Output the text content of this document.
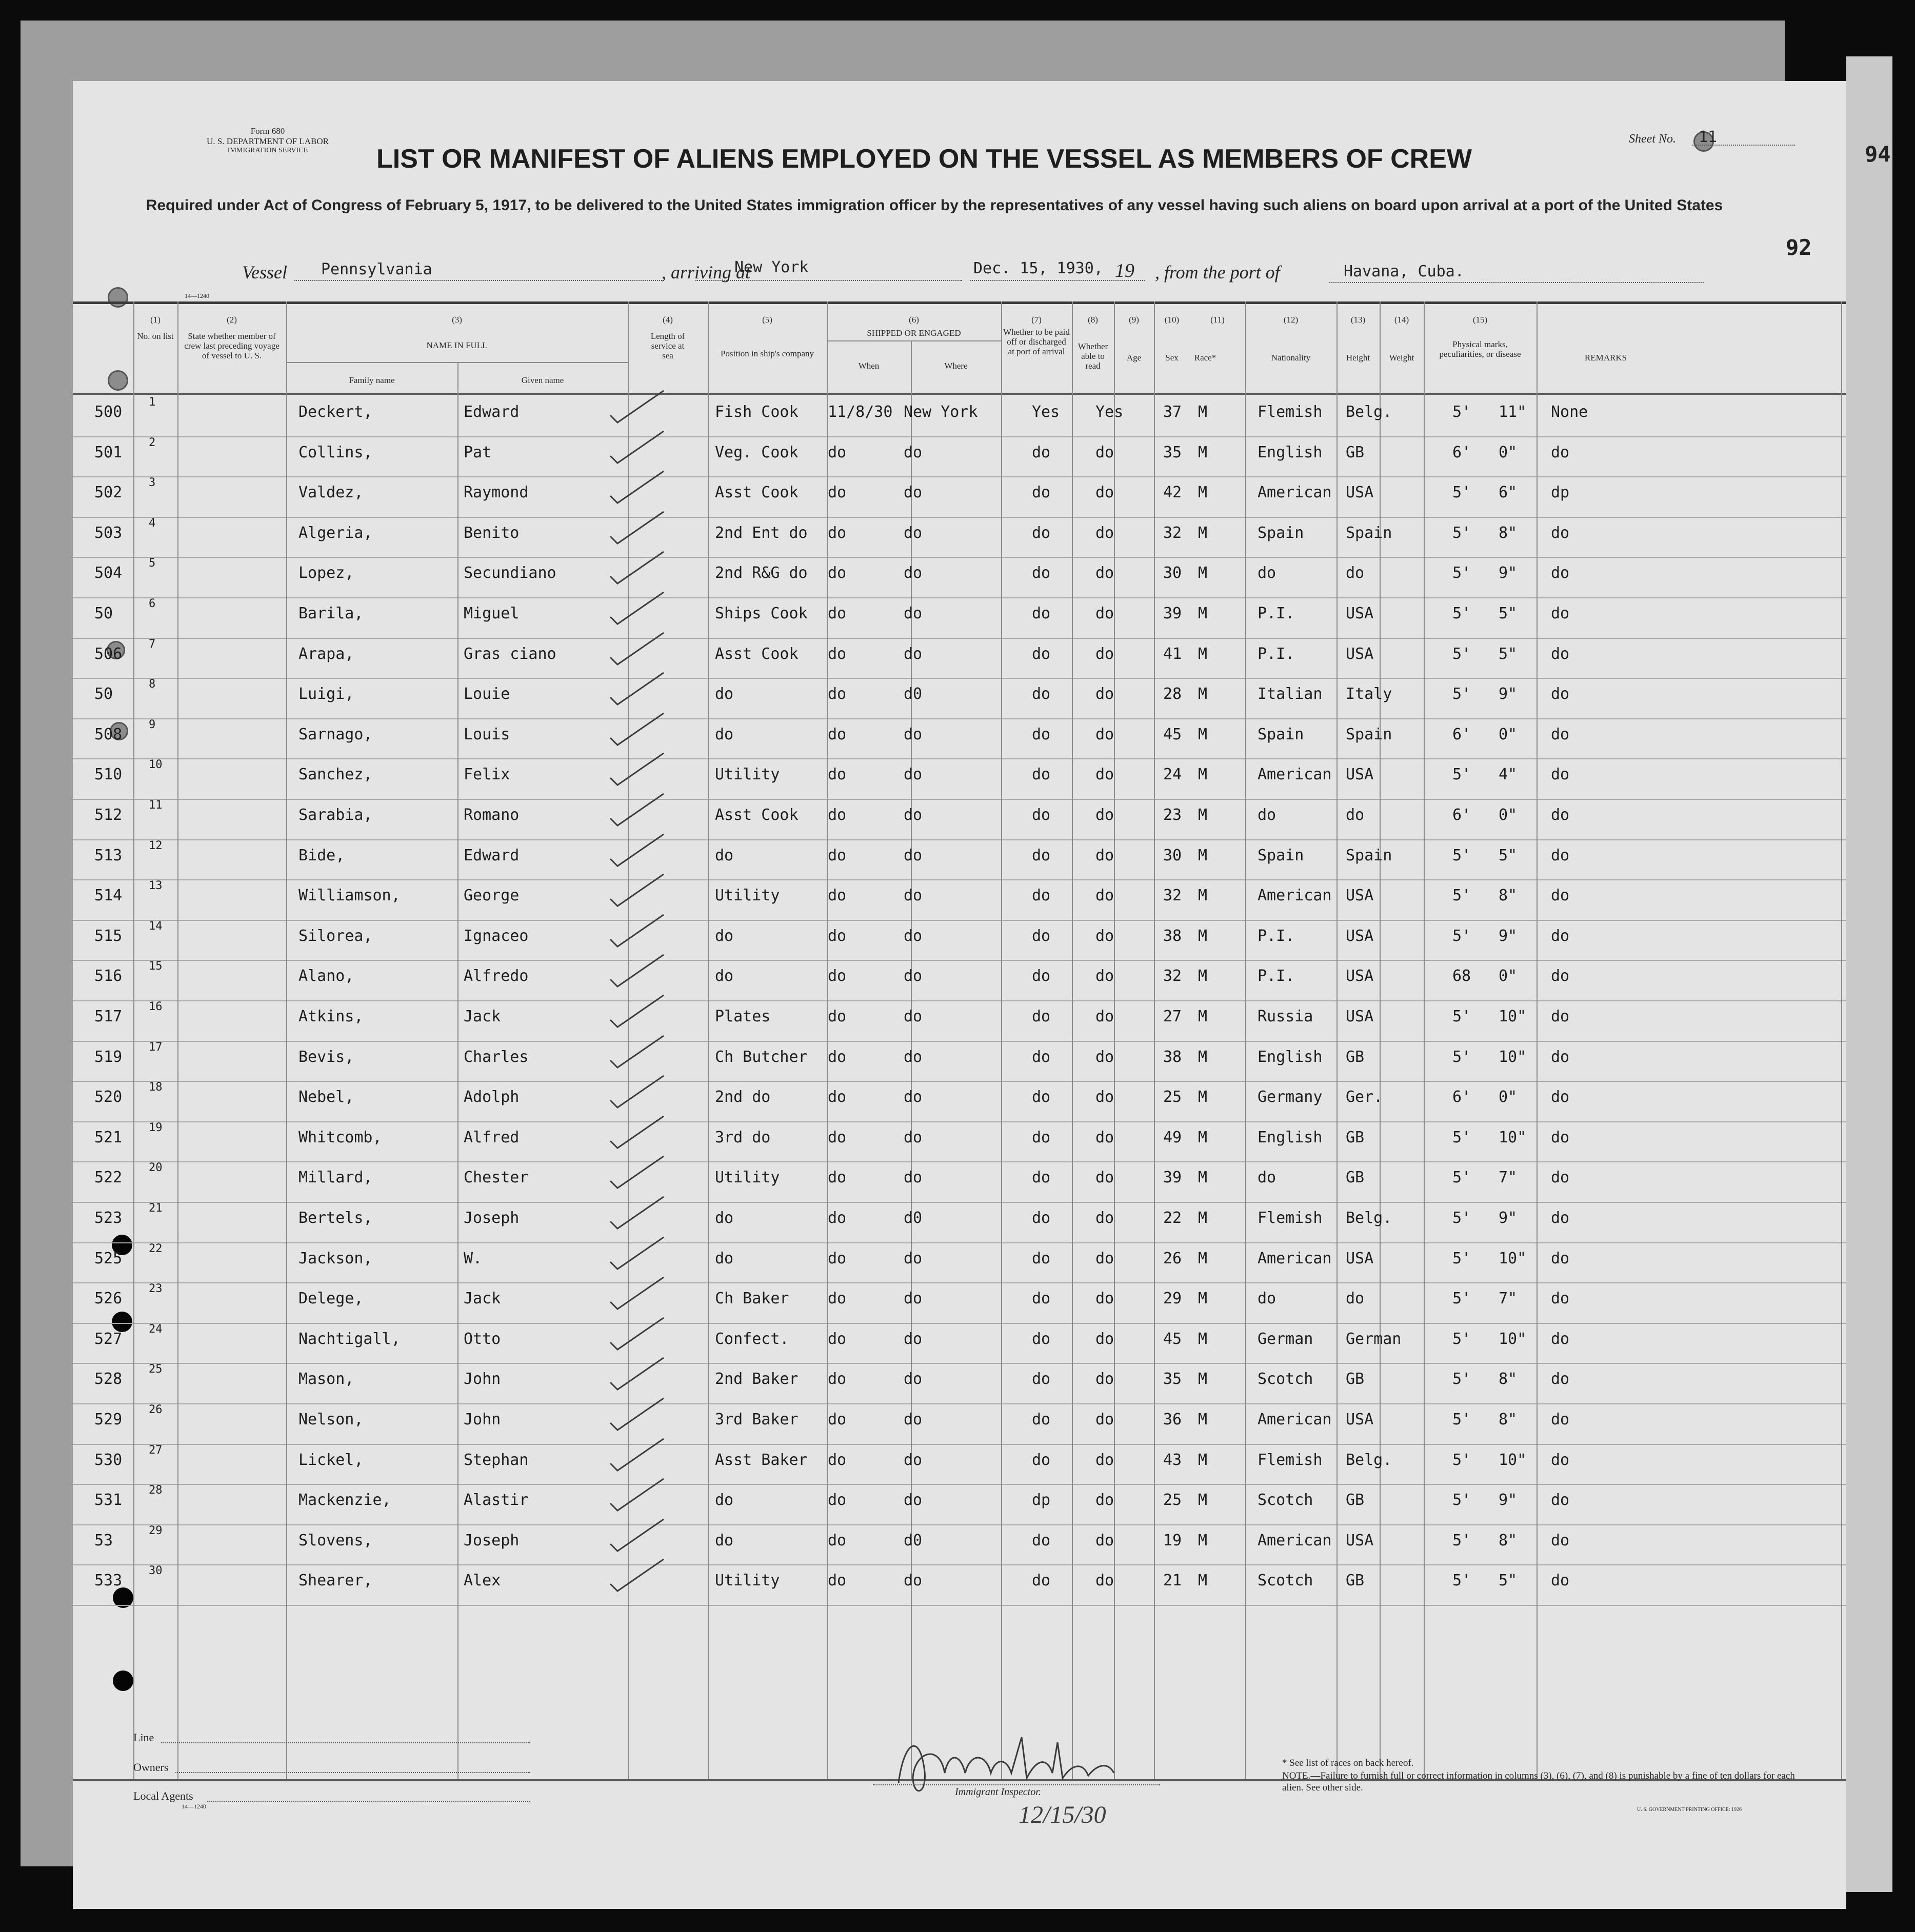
94
Form 680
U. S. DEPARTMENT OF LABOR
IMMIGRATION SERVICE
14—1240
LIST OR MANIFEST OF ALIENS EMPLOYED ON THE VESSEL AS MEMBERS OF CREW
Required under Act of Congress of February 5, 1917, to be delivered to the United States immigration officer by the representatives of any vessel having such aliens on board upon arrival at a port of the United States
Sheet No. 11
92
Vessel Pennsylvania	, arriving at
New York	Dec. 15, 1930, 19 , from the port of	Havana, Cuba.
(1)
No. on list
(2)
State whether member of crew last preceding voyage of vessel to U. S.
(3)
NAME IN FULL
Family name	Given name
(4)
Length of service at sea
(5)
Position in ship's company
(6)
SHIPPED OR ENGAGED
When	Where
(7)
Whether to be paid off or discharged at port of arrival
(8)
Whether able to read
(9)
Age
(10)
Sex
(11)
Race*
(12)
Nationality
(13)
Height
(14)
Weight
(15)
Physical marks, peculiarities, or disease	REMARKS
500
1
Deckert,	Edward	Fish Cook 11/8/30 New York	Yes Yes	37 M	Flemish Belg.	5' 11" None
501
2
Collins,	Pat	Veg. Cook do	do	do	do	35 M	English GB	6' 0" do
502
3
Valdez,	Raymond	Asst Cook do	do	do	do	42 M	American USA	5' 6" dp
503
4
Algeria,	Benito	2nd Ent do do	do	do	do	32 M	Spain	Spain	5' 8" do
504
5
Lopez,	Secundiano	2nd R&G do do	do	do	do	30 M	do	do	5' 9" do
50
6
Barila,	Miguel	Ships Cook do	do	do	do	39 M	P.I.	USA	5' 5" do
506
7
Arapa,	Gras ciano	Asst Cook do	do	do	do	41 M	P.I.	USA	5' 5" do
50
8
Luigi,	Louie	do	do	d0	do	do	28 M	Italian Italy	5' 9" do
508
9
Sarnago,	Louis	do	do	do	do	do	45 M	Spain	Spain	6' 0" do
510
10
Sanchez,	Felix	Utility	do	do	do	do	24 M	American USA	5' 4" do
512
11
Sarabia,	Romano	Asst Cook do	do	do	do	23 M	do	do	6' 0" do
513
12
Bide,	Edward	do	do	do	do	do	30 M	Spain	Spain	5' 5" do
514
13
Williamson,	George	Utility	do	do	do	do	32 M	American USA	5' 8" do
515
14
Silorea,	Ignaceo	do	do	do	do	do	38 M	P.I.	USA	5' 9" do
516
15
Alano,	Alfredo	do	do	do	do	do	32 M	P.I.	USA	68 0" do
517
16
Atkins,	Jack	Plates	do	do	do	do	27 M	Russia USA	5' 10" do
519
17
Bevis,	Charles	Ch Butcher do	do	do	do	38 M	English GB	5' 10" do
520
18
Nebel,	Adolph	2nd do	do	do	do	do	25 M	Germany Ger.	6' 0" do
521
19
Whitcomb,	Alfred	3rd do	do	do	do	do	49 M	English GB	5' 10" do
522
20
Millard,	Chester	Utility	do	do	do	do	39 M	do	GB	5' 7" do
523
21
Bertels,	Joseph	do	do	d0	do	do	22 M	Flemish Belg.	5' 9" do
525
22
Jackson,	W.	do	do	do	do	do	26 M	American USA	5' 10" do
526
23
Delege,	Jack	Ch Baker	do	do	do	do	29 M	do	do	5' 7" do
527
24
Nachtigall,	Otto	Confect.	do	do	do	do	45 M	German German	5' 10" do
528
25
Mason,	John	2nd Baker do	do	do	do	35 M	Scotch GB	5' 8" do
529
26
Nelson,	John	3rd Baker do	do	do	do	36 M	American USA	5' 8" do
530
27
Lickel,	Stephan	Asst Baker do	do	do	do	43 M	Flemish Belg.	5' 10" do
531
28
Mackenzie,	Alastir	do	do	do	dp	do	25 M	Scotch GB	5' 9" do
53
29
Slovens,	Joseph	do	do	d0	do	do	19 M	American USA	5' 8" do
533
30
Shearer,	Alex	Utility	do	do	do	do	21 M	Scotch GB	5' 5" do
Line
Owners
Local Agents
14—1240
Immigrant Inspector.
12/15/30
* See list of races on back hereof.
NOTE.—Failure to furnish full or correct information in columns (3), (6), (7), and (8) is punishable by a fine of ten dollars for each alien. See other side.
U. S. GOVERNMENT PRINTING OFFICE: 1926
